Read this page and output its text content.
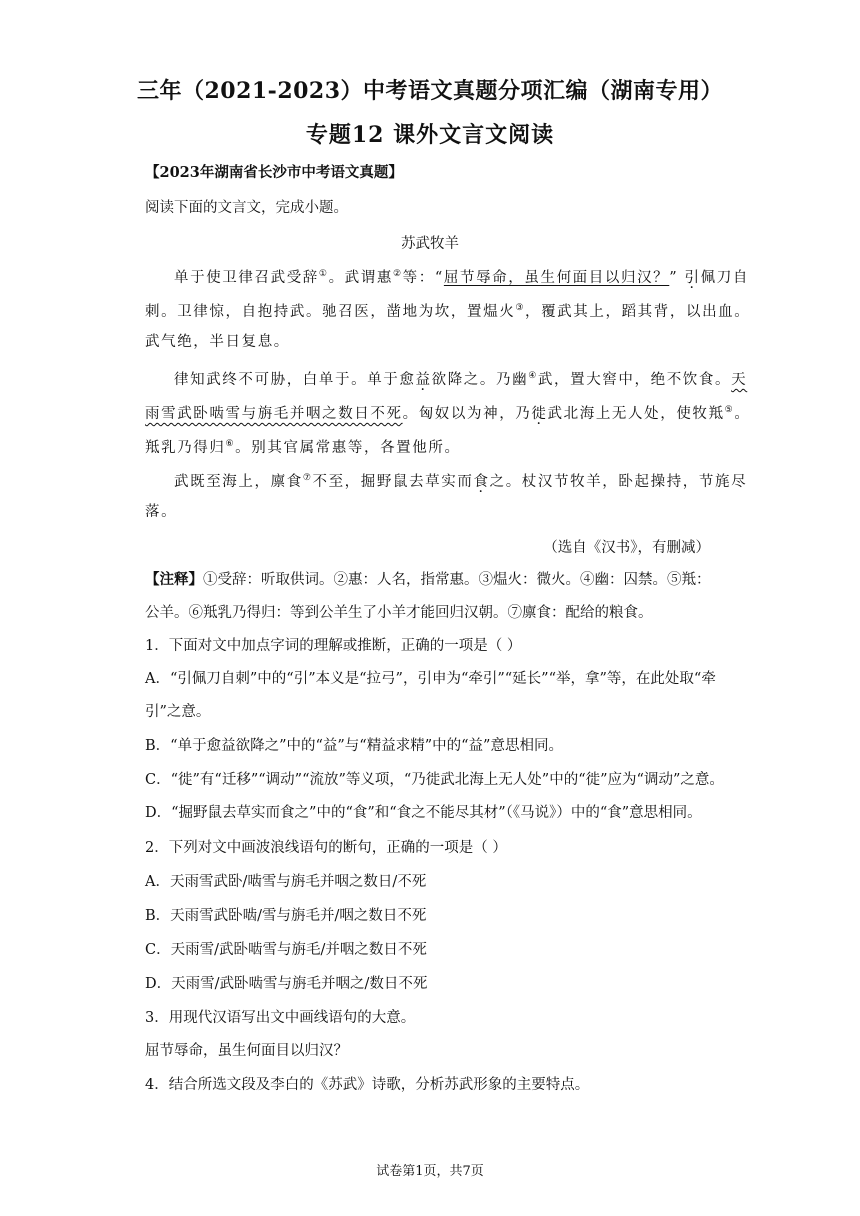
三年（2021-2023）中考语文真题分项汇编（湖南专用）
专题12 课外文言文阅读
【2023年湖南省长沙市中考语文真题】
阅读下面的文言文，完成小题。
苏武牧羊
单于使卫律召武受辞①。武谓惠②等：“屈节辱命，虽生何面目以归汉？” 引佩刀自
刺。卫律惊，自抱持武。驰召医，凿地为坎，置煴火③，覆武其上，蹈其背，以出血。
武气绝，半日复息。
律知武终不可胁，白单于。单于愈益欲降之。乃幽④武，置大窖中，绝不饮食。天
雨雪武卧啮雪与旃毛并咽之数日不死。匈奴以为神，乃徙武北海上无人处，使牧羝⑤。
羝乳乃得归⑥。别其官属常惠等，各置他所。
武既至海上，廪食⑦不至，掘野鼠去草实而食之。杖汉节牧羊，卧起操持，节旄尽
落。
（选自《汉书》，有删减）
【注释】①受辞：听取供词。②惠：人名，指常惠。③煴火：微火。④幽：囚禁。⑤羝：
公羊。⑥羝乳乃得归：等到公羊生了小羊才能回归汉朝。⑦廪食：配给的粮食。
1．下面对文中加点字词的理解或推断，正确的一项是（ ）
A．“引佩刀自刺”中的“引”本义是“拉弓”，引申为“牵引”“延长”“举，拿”等，在此处取“牵
引”之意。
B．“单于愈益欲降之”中的“益”与“精益求精”中的“益”意思相同。
C．“徙”有“迁移”“调动”“流放”等义项，“乃徙武北海上无人处”中的“徙”应为“调动”之意。
D．“掘野鼠去草实而食之”中的“食”和“食之不能尽其材”（《马说》）中的“食”意思相同。
2．下列对文中画波浪线语句的断句，正确的一项是（ ）
A．天雨雪武卧/啮雪与旃毛并咽之数日/不死
B．天雨雪武卧啮/雪与旃毛并/咽之数日不死
C．天雨雪/武卧啮雪与旃毛/并咽之数日不死
D．天雨雪/武卧啮雪与旃毛并咽之/数日不死
3．用现代汉语写出文中画线语句的大意。
屈节辱命，虽生何面目以归汉？
4．结合所选文段及李白的《苏武》诗歌，分析苏武形象的主要特点。
试卷第1页，共7页
